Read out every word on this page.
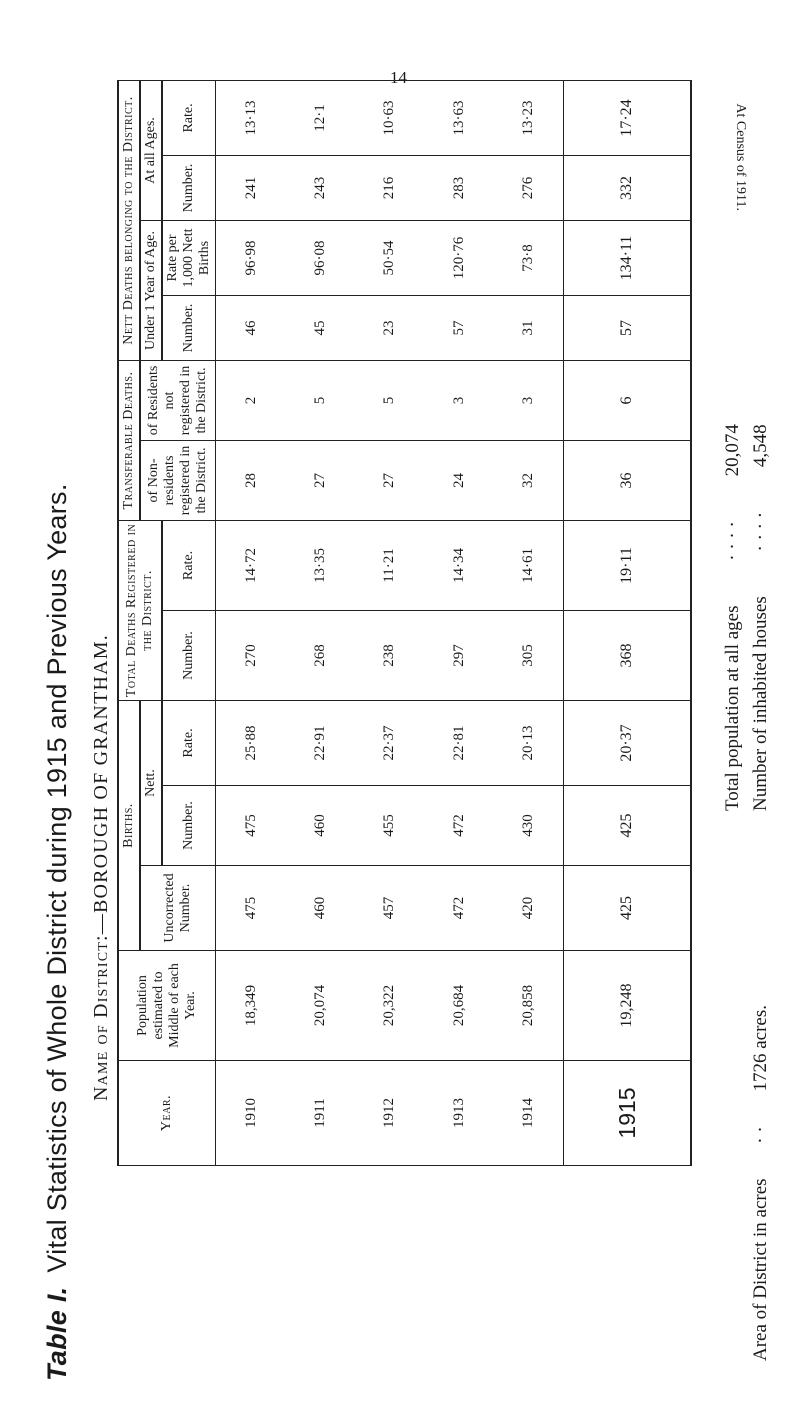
14
Table I.Vital Statistics of Whole District during 1915 and Previous Years. Name of District:—BOROUGH OF GRANTHAM.
Year.	Population estimated to Middle of each Year.	Births.			Total Deaths Registered in the District.		Transferable Deaths.		Nett Deaths belonging to the District.			
		Uncorrected Number.	Nett.				of Non-residents registered in the District.	of Residents not registered in the District.	Under 1 Year of Age.		At all Ages.	
			Number.	Rate.	Number.	Rate.			Number.	Rate per 1,000 Nett Births	Number.	Rate.
1910	18,349	475	475	25·88	270	14·72	28	2	46	96·98	241	13·13
1911	20,074	460	460	22·91	268	13·35	27	5	45	96·08	243	12·1
1912	20,322	457	455	22·37	238	11·21	27	5	23	50·54	216	10·63
1913	20,684	472	472	22·81	297	14·34	24	3	57	120·76	283	13·63
1914	20,858	420	430	20·13	305	14·61	32	3	31	73·8	276	13·23
1915	19,248	425	425	20·37	368	19·11	36	6	57	134·11	332	17·24
Area of District in acres · · 1726 acres.
Total population at all ages · · · · 20,074
Number of inhabited houses · · · · 4,548
At Census of 1911.
